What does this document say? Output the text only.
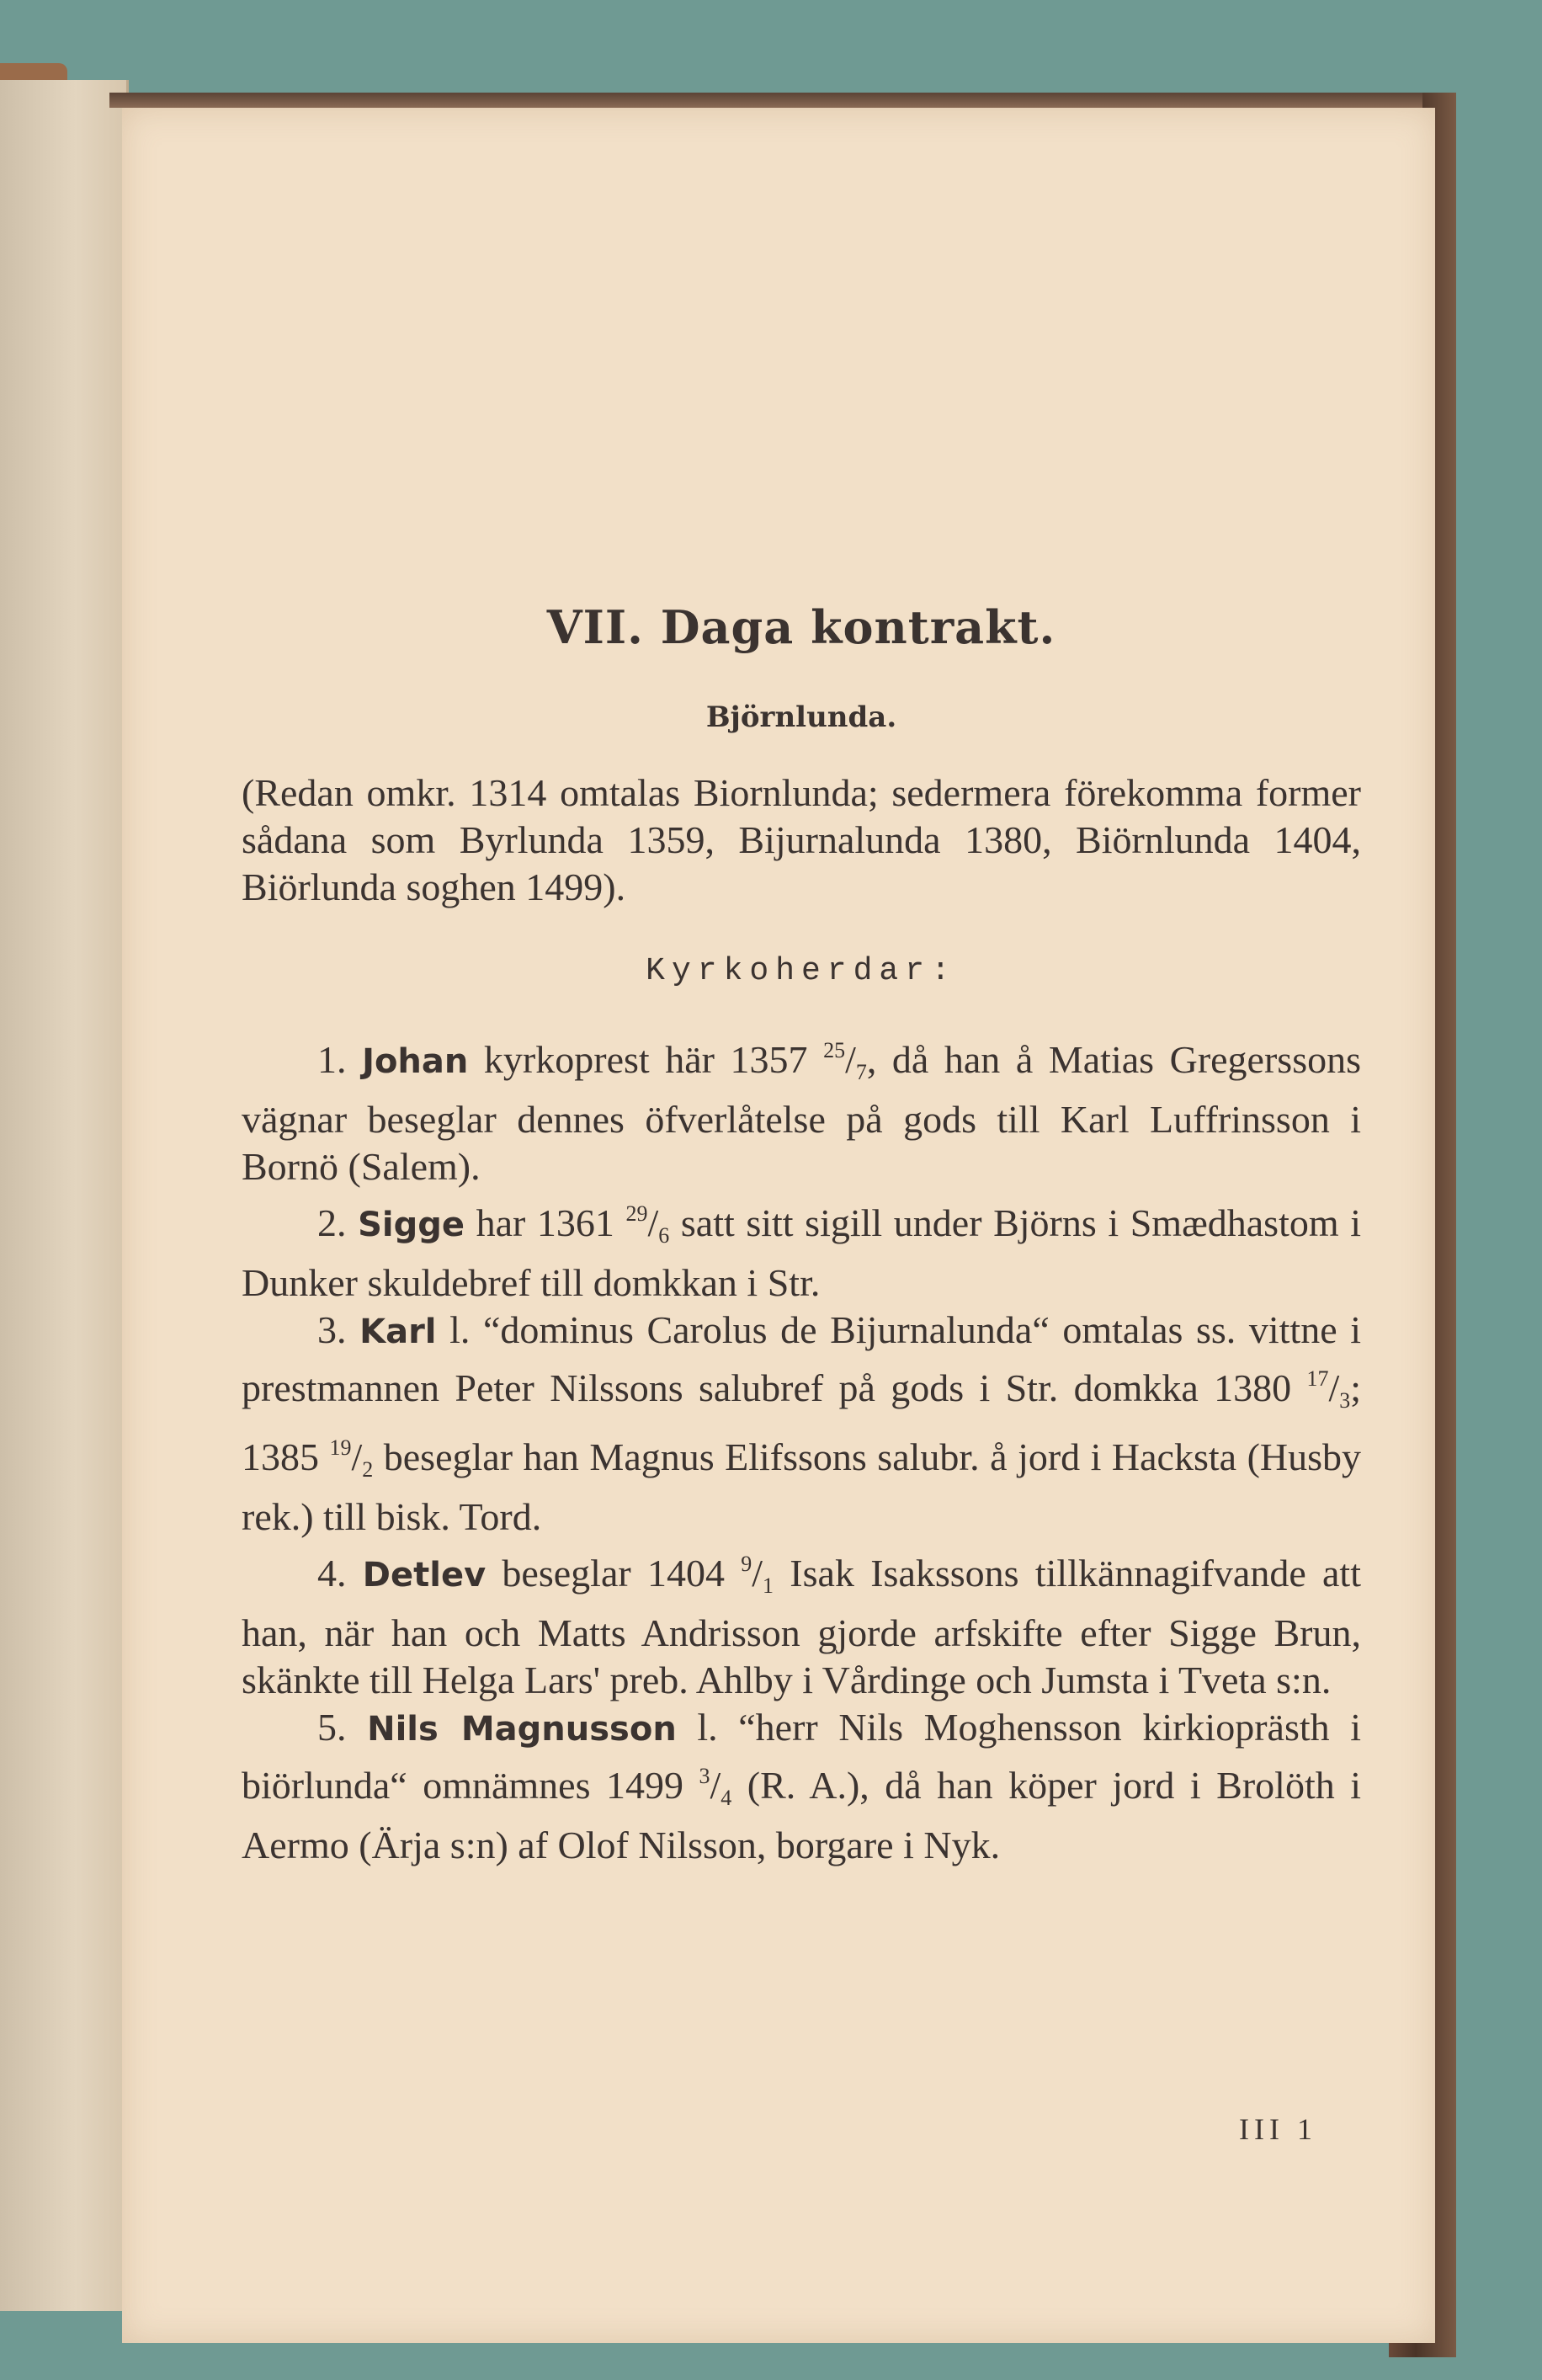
VII. Daga kontrakt.
Björnlunda.

(Redan omkr. 1314 omtalas Biornlunda; sedermera förekomma former sådana som Byrlunda 1359, Bijurnalunda 1380, Biörnlunda 1404, Biörlunda soghen 1499).

Kyrkoherdar:

1. Johan kyrkoprest här 1357 $^{25}/_7$, då han å Matias Gregerssons vägnar beseglar dennes öfverlåtelse på gods till Karl Luffrinsson i Bornö (Salem).

2. Sigge har 1361 $^{29}/_6$ satt sitt sigill under Björns i Smædhastom i Dunker skuldebref till domkkan i Str.

3. Karl l. “dominus Carolus de Bijurnalunda“ omtalas ss. vittne i prestmannen Peter Nilssons salubref på gods i Str. domkka 1380 $^{17}/_3$; 1385 $^{19}/_2$ beseglar han Magnus Elifssons salubr. å jord i Hacksta (Husby rek.) till bisk. Tord.

4. Detlev beseglar 1404 $^9/_1$ Isak Isakssons tillkännagifvande att han, när han och Matts Andrisson gjorde arfskifte efter Sigge Brun, skänkte till Helga Lars' preb. Ahlby i Vårdinge och Jumsta i Tveta s:n.

5. Nils Magnusson l. “herr Nils Moghensson kirkioprästh i biörlunda“ omnämnes 1499 $^3/_4$ (R. A.), då han köper jord i Brolöth i Aermo (Ärja s:n) af Olof Nilsson, borgare i Nyk.

III 1
